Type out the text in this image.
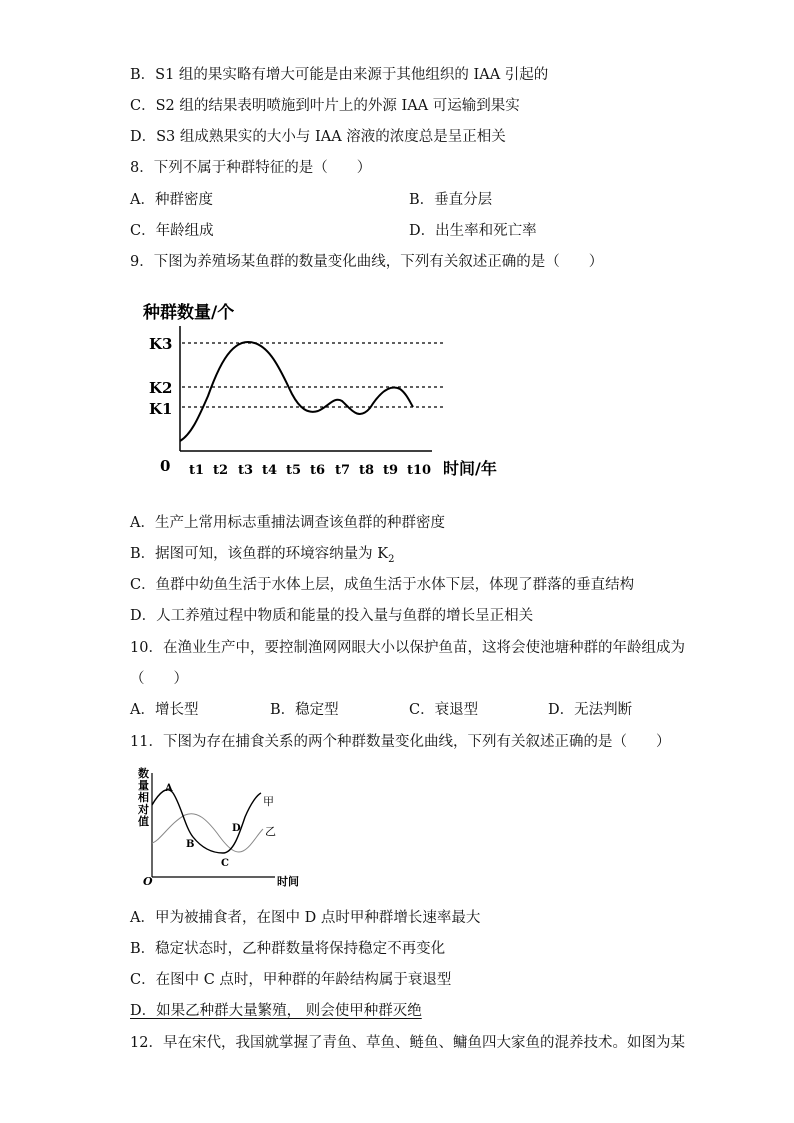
B．S1 组的果实略有增大可能是由来源于其他组织的 IAA 引起的
C．S2 组的结果表明喷施到叶片上的外源 IAA 可运输到果实
D．S3 组成熟果实的大小与 IAA 溶液的浓度总是呈正相关
8．下列不属于种群特征的是（　　）
A．种群密度	B．垂直分层
C．年龄组成	D．出生率和死亡率
9．下图为养殖场某鱼群的数量变化曲线，下列有关叙述正确的是（　　）
种群数量/个
0
K3
K2
K1
t1 t2 t3 t4 t5 t6 t7 t8 t9 t10 时间/年
A．生产上常用标志重捕法调查该鱼群的种群密度
B．据图可知，该鱼群的环境容纳量为 $K_2$
C．鱼群中幼鱼生活于水体上层，成鱼生活于水体下层，体现了群落的垂直结构
D．人工养殖过程中物质和能量的投入量与鱼群的增长呈正相关
10．在渔业生产中，要控制渔网网眼大小以保护鱼苗，这将会使池塘种群的年龄组成为
（　　）
A．增长型	B．稳定型	C．衰退型	D．无法判断
11．下图为存在捕食关系的两个种群数量变化曲线，下列有关叙述正确的是（　　）
数
量
相
对
值
O	时间
A
B
C
D
甲
乙
A．甲为被捕食者，在图中 D 点时甲种群增长速率最大
B．稳定状态时，乙种群数量将保持稳定不再变化
C．在图中 C 点时，甲种群的年龄结构属于衰退型
D．如果乙种群大量繁殖， 则会使甲种群灭绝
12．早在宋代，我国就掌握了青鱼、草鱼、鲢鱼、鳙鱼四大家鱼的混养技术。如图为某
